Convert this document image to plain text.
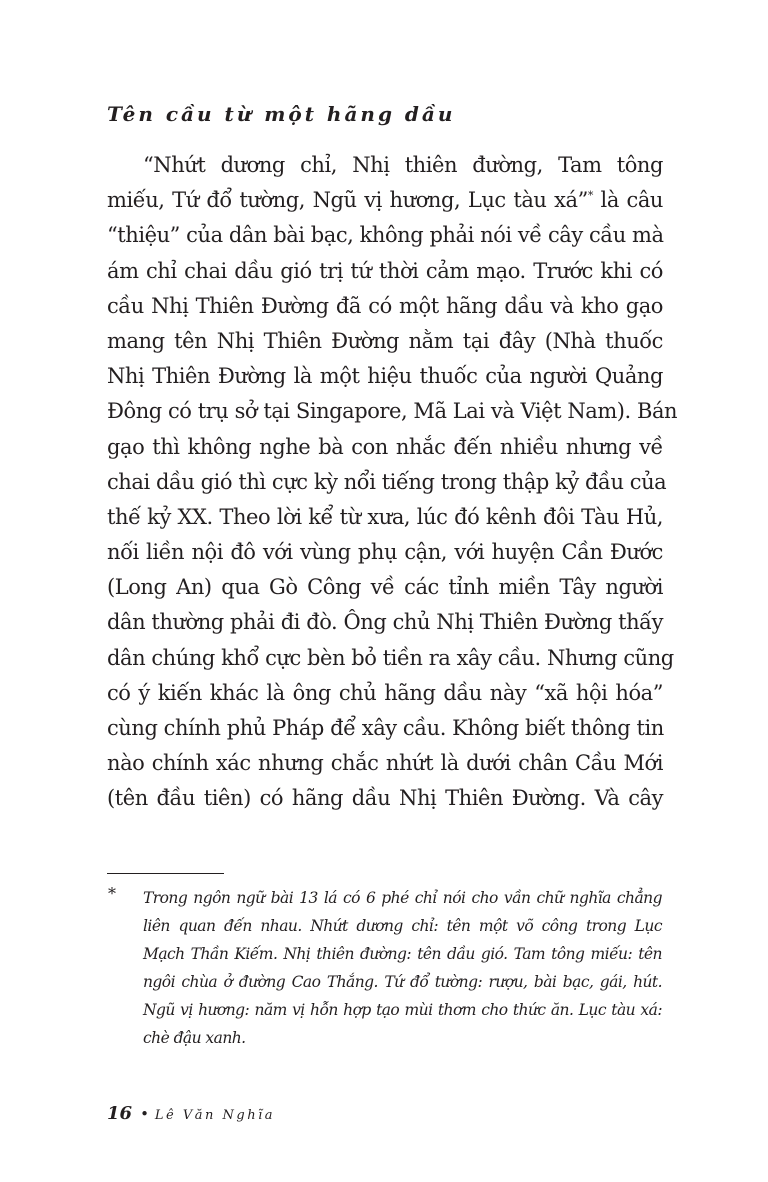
Tên cầu từ một hãng dầu
“Nhứt dương chỉ, Nhị thiên đường, Tam tông
miếu, Tứ đổ tường, Ngũ vị hương, Lục tàu xá”* là câu
“thiệu” của dân bài bạc, không phải nói về cây cầu mà
ám chỉ chai dầu gió trị tứ thời cảm mạo. Trước khi có
cầu Nhị Thiên Đường đã có một hãng dầu và kho gạo
mang tên Nhị Thiên Đường nằm tại đây (Nhà thuốc
Nhị Thiên Đường là một hiệu thuốc của người Quảng
Đông có trụ sở tại Singapore, Mã Lai và Việt Nam). Bán
gạo thì không nghe bà con nhắc đến nhiều nhưng về
chai dầu gió thì cực kỳ nổi tiếng trong thập kỷ đầu của
thế kỷ XX. Theo lời kể từ xưa, lúc đó kênh đôi Tàu Hủ,
nối liền nội đô với vùng phụ cận, với huyện Cần Đước
(Long An) qua Gò Công về các tỉnh miền Tây người
dân thường phải đi đò. Ông chủ Nhị Thiên Đường thấy
dân chúng khổ cực bèn bỏ tiền ra xây cầu. Nhưng cũng
có ý kiến khác là ông chủ hãng dầu này “xã hội hóa”
cùng chính phủ Pháp để xây cầu. Không biết thông tin
nào chính xác nhưng chắc nhứt là dưới chân Cầu Mới
(tên đầu tiên) có hãng dầu Nhị Thiên Đường. Và cây
* Trong ngôn ngữ bài 13 lá có 6 phé chỉ nói cho vần chữ nghĩa chẳng
liên quan đến nhau. Nhứt dương chỉ: tên một võ công trong Lục
Mạch Thần Kiếm. Nhị thiên đường: tên dầu gió. Tam tông miếu: tên
ngôi chùa ở đường Cao Thắng. Tứ đổ tường: rượu, bài bạc, gái, hút.
Ngũ vị hương: năm vị hỗn hợp tạo mùi thơm cho thức ăn. Lục tàu xá:
chè đậu xanh.
16 • Lê Văn Nghĩa
